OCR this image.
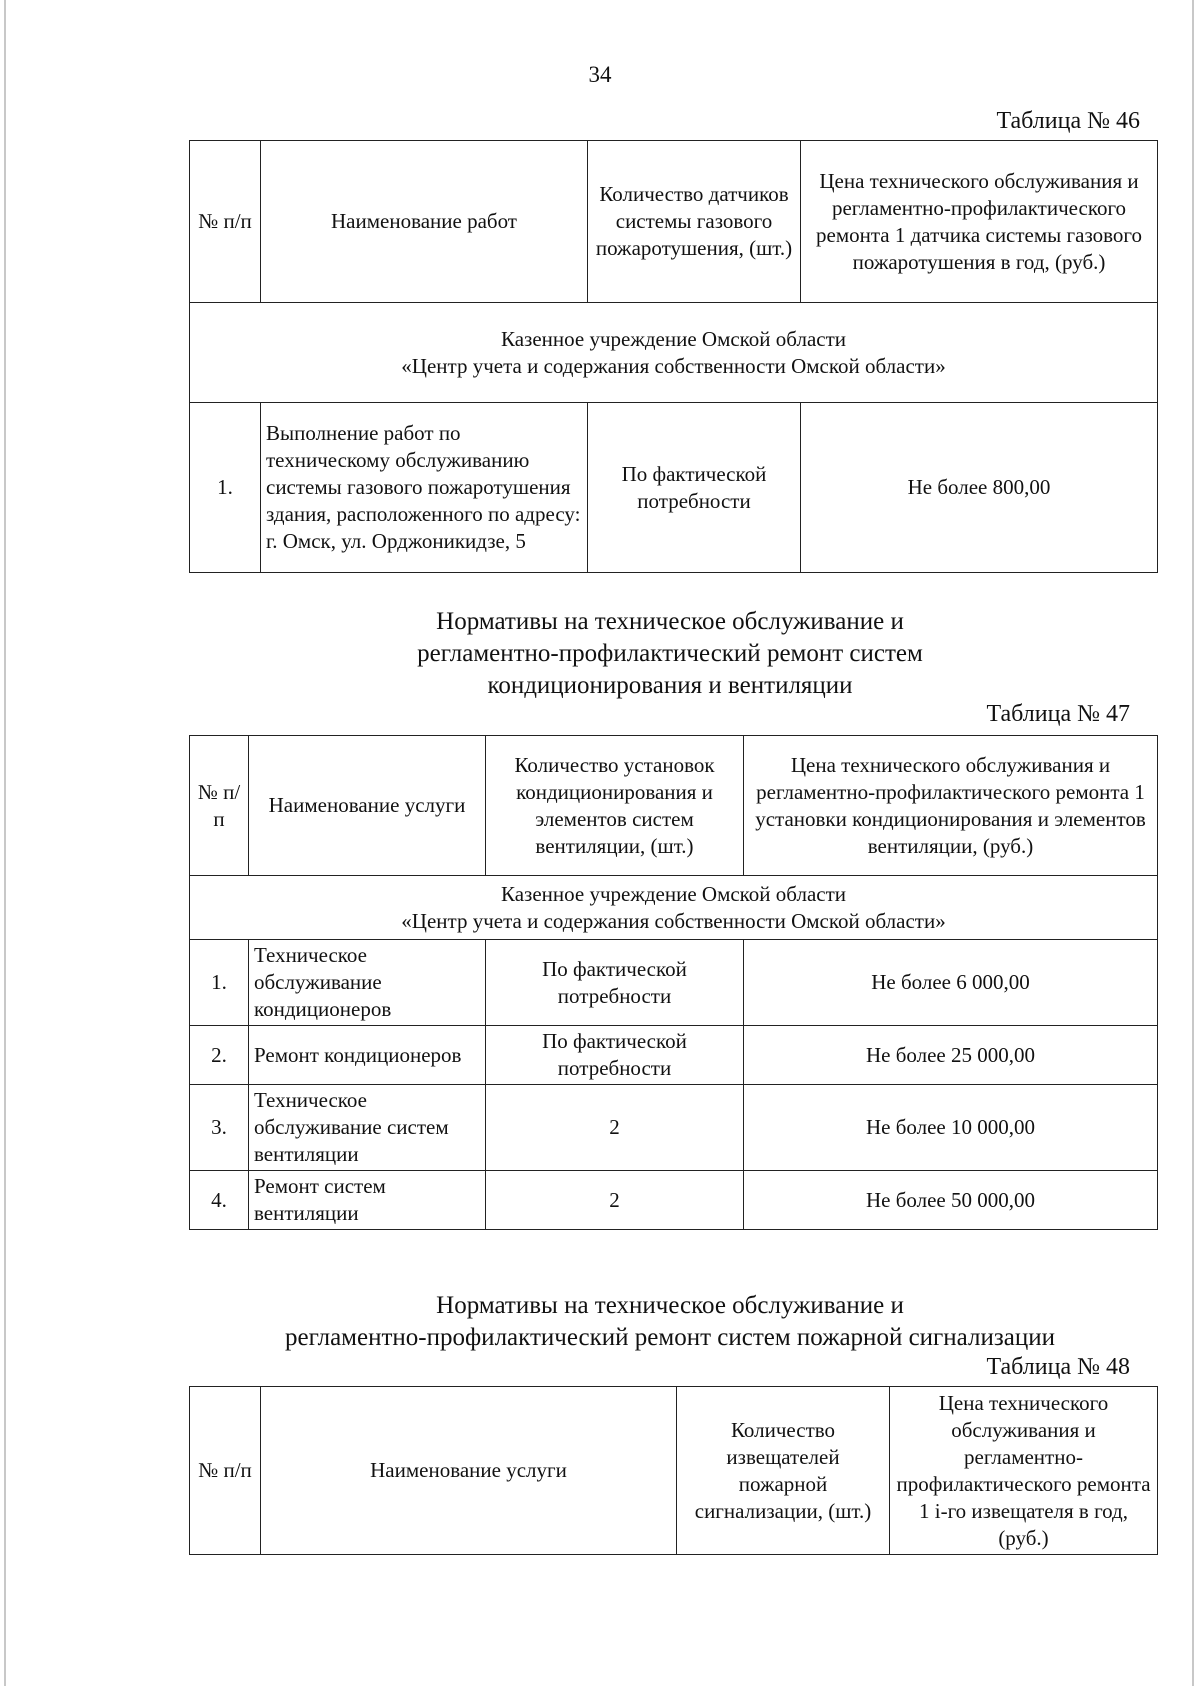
34
Таблица № 46
№ п/п	Наименование работ	Количество датчиков системы газового пожаротушения, (шт.)	Цена технического обслуживания и регламентно-профилактического ремонта 1 датчика системы газового пожаротушения в год, (руб.)

Казенное учреждение Омской области
«Центр учета и содержания собственности Омской области»			

1.	Выполнение работ по техническому обслуживанию системы газового пожаротушения здания, расположенного по адресу: г. Омск, ул. Орджоникидзе, 5	По фактической потребности	Не более 800,00
Нормативы на техническое обслуживание и
регламентно-профилактический ремонт систем
кондиционирования и вентиляции
Таблица № 47
№ п/п	Наименование услуги	Количество установок кондиционирования и элементов систем вентиляции, (шт.)	Цена технического обслуживания и регламентно-профилактического ремонта 1 установки кондиционирования и элементов вентиляции, (руб.)

Казенное учреждение Омской области
«Центр учета и содержания собственности Омской области»			

1.	Техническое обслуживание кондиционеров	По фактической потребности	Не более 6 000,00
2.	Ремонт кондиционеров	По фактической потребности	Не более 25 000,00
3.	Техническое обслуживание систем вентиляции	2	Не более 10 000,00
4.	Ремонт систем вентиляции	2	Не более 50 000,00
Нормативы на техническое обслуживание и
регламентно-профилактический ремонт систем пожарной сигнализации
Таблица № 48
№ п/п	Наименование услуги	Количество извещателей пожарной сигнализации, (шт.)	Цена технического обслуживания и регламентно-профилактического ремонта 1 i-го извещателя в год, (руб.)
